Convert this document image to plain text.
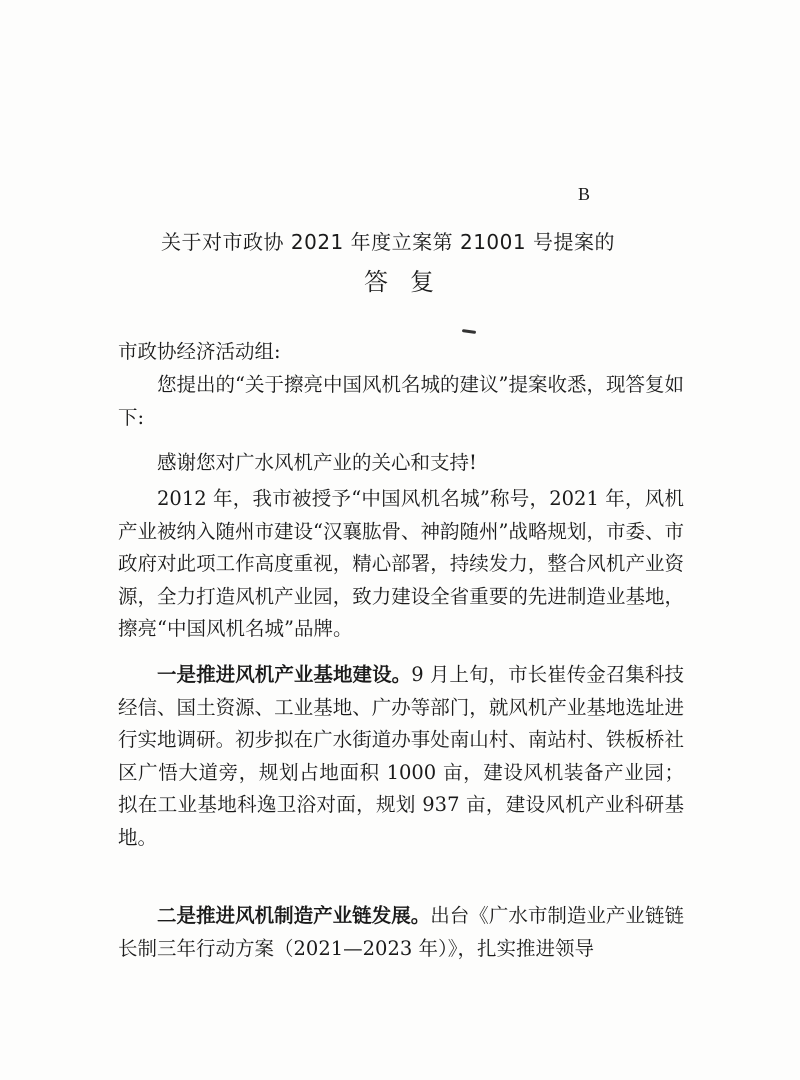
B
关于对市政协 2021 年度立案第 21001 号提案的
答复
市政协经济活动组:

您提出的“关于擦亮中国风机名城的建议”提案收悉，现答复如下:

感谢您对广水风机产业的关心和支持!

2012 年，我市被授予“中国风机名城”称号，2021 年，风机产业被纳入随州市建设“汉襄肱骨、神韵随州”战略规划，市委、市政府对此项工作高度重视，精心部署，持续发力，整合风机产业资源，全力打造风机产业园，致力建设全省重要的先进制造业基地，擦亮“中国风机名城”品牌。

一是推进风机产业基地建设。9 月上旬，市长崔传金召集科技经信、国土资源、工业基地、广办等部门，就风机产业基地选址进行实地调研。初步拟在广水街道办事处南山村、南站村、铁板桥社区广悟大道旁，规划占地面积 1000 亩，建设风机装备产业园；拟在工业基地科逸卫浴对面，规划 937 亩，建设风机产业科研基地。

二是推进风机制造产业链发展。出台《广水市制造业产业链链长制三年行动方案（2021—2023 年）》，扎实推进领导
